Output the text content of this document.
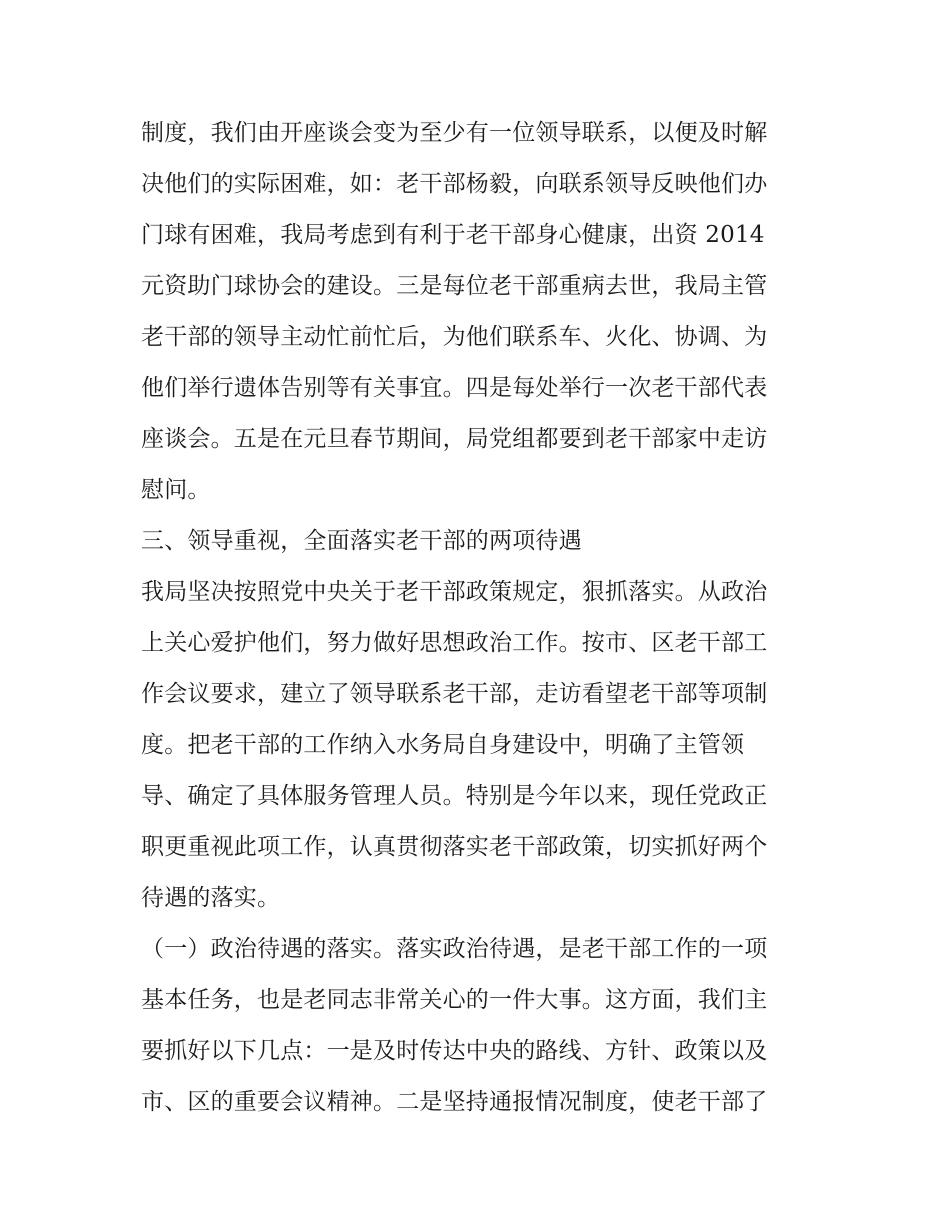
制度，我们由开座谈会变为至少有一位领导联系，以便及时解
决他们的实际困难，如：老干部杨毅，向联系领导反映他们办
门球有困难，我局考虑到有利于老干部身心健康，出资 2014
元资助门球协会的建设。三是每位老干部重病去世，我局主管
老干部的领导主动忙前忙后，为他们联系车、火化、协调、为
他们举行遗体告别等有关事宜。四是每处举行一次老干部代表
座谈会。五是在元旦春节期间，局党组都要到老干部家中走访
慰问。
三、领导重视，全面落实老干部的两项待遇
我局坚决按照党中央关于老干部政策规定，狠抓落实。从政治
上关心爱护他们，努力做好思想政治工作。按市、区老干部工
作会议要求，建立了领导联系老干部，走访看望老干部等项制
度。把老干部的工作纳入水务局自身建设中，明确了主管领
导、确定了具体服务管理人员。特别是今年以来，现任党政正
职更重视此项工作，认真贯彻落实老干部政策，切实抓好两个
待遇的落实。
（一）政治待遇的落实。落实政治待遇，是老干部工作的一项
基本任务，也是老同志非常关心的一件大事。这方面，我们主
要抓好以下几点：一是及时传达中央的路线、方针、政策以及
市、区的重要会议精神。二是坚持通报情况制度，使老干部了
